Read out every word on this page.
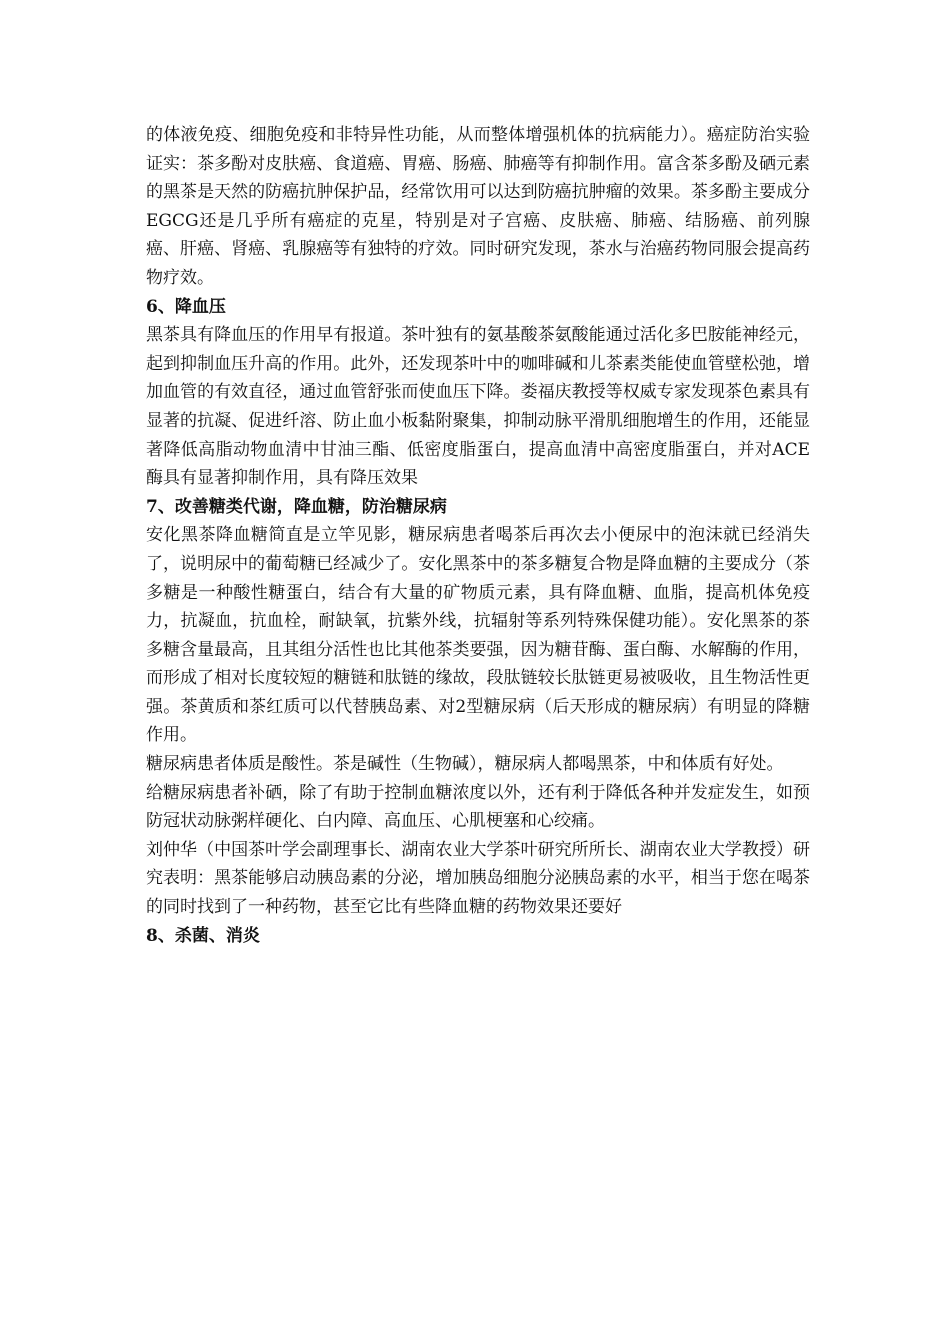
的体液免疫、细胞免疫和非特异性功能，从而整体增强机体的抗病能力）。癌症防治实验证实：茶多酚对皮肤癌、食道癌、胃癌、肠癌、肺癌等有抑制作用。富含茶多酚及硒元素的黑茶是天然的防癌抗肿保护品，经常饮用可以达到防癌抗肿瘤的效果。茶多酚主要成分EGCG还是几乎所有癌症的克星，特别是对子宫癌、皮肤癌、肺癌、结肠癌、前列腺癌、肝癌、肾癌、乳腺癌等有独特的疗效。同时研究发现，茶水与治癌药物同服会提高药物疗效。

6、降血压

黑茶具有降血压的作用早有报道。茶叶独有的氨基酸茶氨酸能通过活化多巴胺能神经元，起到抑制血压升高的作用。此外，还发现茶叶中的咖啡碱和儿茶素类能使血管壁松弛，增加血管的有效直径，通过血管舒张而使血压下降。娄福庆教授等权威专家发现茶色素具有显著的抗凝、促进纤溶、防止血小板黏附聚集，抑制动脉平滑肌细胞增生的作用，还能显著降低高脂动物血清中甘油三酯、低密度脂蛋白，提高血清中高密度脂蛋白，并对ACE酶具有显著抑制作用，具有降压效果

7、改善糖类代谢，降血糖，防治糖尿病

安化黑茶降血糖简直是立竿见影，糖尿病患者喝茶后再次去小便尿中的泡沫就已经消失了，说明尿中的葡萄糖已经减少了。安化黑茶中的茶多糖复合物是降血糖的主要成分（茶多糖是一种酸性糖蛋白，结合有大量的矿物质元素，具有降血糖、血脂，提高机体免疫力，抗凝血，抗血栓，耐缺氧，抗紫外线，抗辐射等系列特殊保健功能）。安化黑茶的茶多糖含量最高，且其组分活性也比其他茶类要强，因为糖苷酶、蛋白酶、水解酶的作用，而形成了相对长度较短的糖链和肽链的缘故，段肽链较长肽链更易被吸收，且生物活性更强。茶黄质和茶红质可以代替胰岛素、对2型糖尿病（后天形成的糖尿病）有明显的降糖作用。

糖尿病患者体质是酸性。茶是碱性（生物碱），糖尿病人都喝黑茶，中和体质有好处。

给糖尿病患者补硒，除了有助于控制血糖浓度以外，还有利于降低各种并发症发生，如预防冠状动脉粥样硬化、白内障、高血压、心肌梗塞和心绞痛。

刘仲华（中国茶叶学会副理事长、湖南农业大学茶叶研究所所长、湖南农业大学教授）研究表明：黑茶能够启动胰岛素的分泌，增加胰岛细胞分泌胰岛素的水平，相当于您在喝茶的同时找到了一种药物，甚至它比有些降血糖的药物效果还要好

8、杀菌、消炎
